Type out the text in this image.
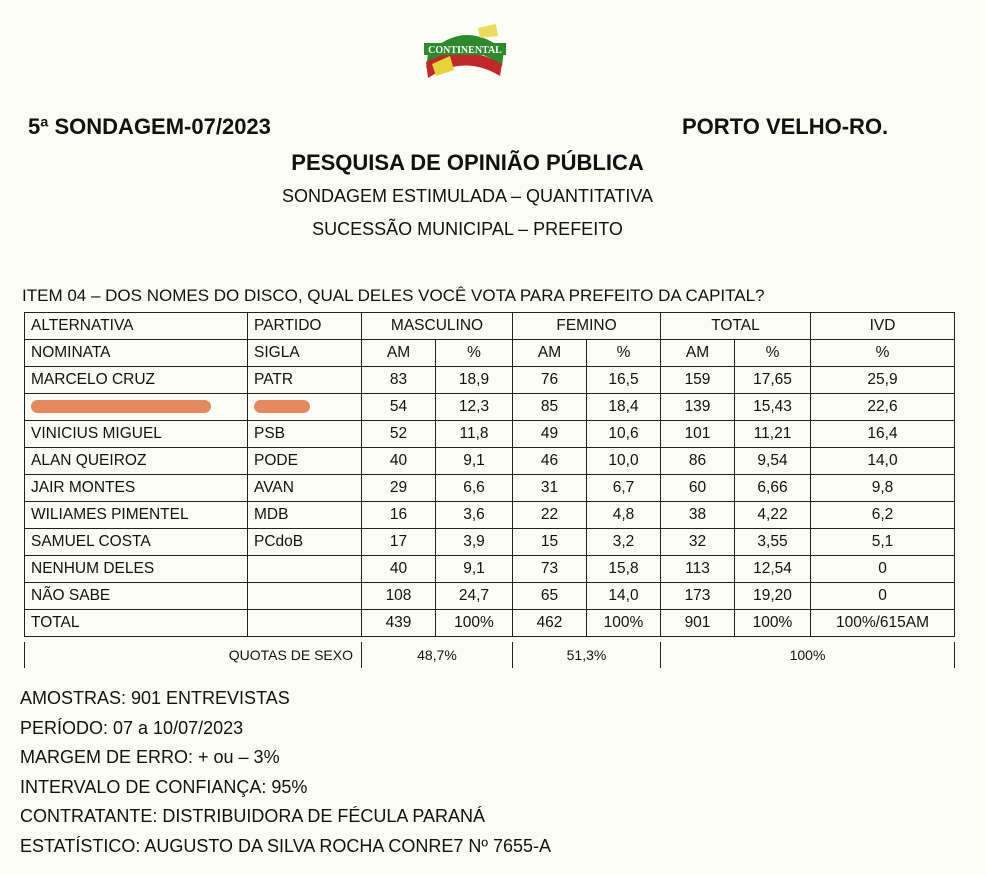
CONTINENTAL
5ª SONDAGEM-07/2023	PORTO VELHO-RO.
PESQUISA DE OPINIÃO PÚBLICA
SONDAGEM ESTIMULADA – QUANTITATIVA
SUCESSÃO MUNICIPAL – PREFEITO
ITEM 04 – DOS NOMES DO DISCO, QUAL DELES VOCÊ VOTA PARA PREFEITO DA CAPITAL?
ALTERNATIVA	PARTIDO	MASCULINO		FEMINO		TOTAL		IVD
NOMINATA	SIGLA	AM	%	AM	%	AM	%	%
MARCELO CRUZ	PATR	83	18,9	76	16,5	159	17,65	25,9
		54	12,3	85	18,4	139	15,43	22,6
VINICIUS MIGUEL	PSB	52	11,8	49	10,6	101	11,21	16,4
ALAN QUEIROZ	PODE	40	9,1	46	10,0	86	9,54	14,0
JAIR MONTES	AVAN	29	6,6	31	6,7	60	6,66	9,8
WILIAMES PIMENTEL	MDB	16	3,6	22	4,8	38	4,22	6,2
SAMUEL COSTA	PCdoB	17	3,9	15	3,2	32	3,55	5,1
NENHUM DELES		40	9,1	73	15,8	113	12,54	0
NÃO SABE		108	24,7	65	14,0	173	19,20	0
TOTAL		439	100%	462	100%	901	100%	100%/615AM
QUOTAS DE SEXO	48,7%	51,3%	100%
AMOSTRAS: 901 ENTREVISTAS
PERÍODO: 07 a 10/07/2023
MARGEM DE ERRO: + ou – 3%
INTERVALO DE CONFIANÇA: 95%
CONTRATANTE: DISTRIBUIDORA DE FÉCULA PARANÁ
ESTATÍSTICO: AUGUSTO DA SILVA ROCHA CONRE7 Nº 7655-A
